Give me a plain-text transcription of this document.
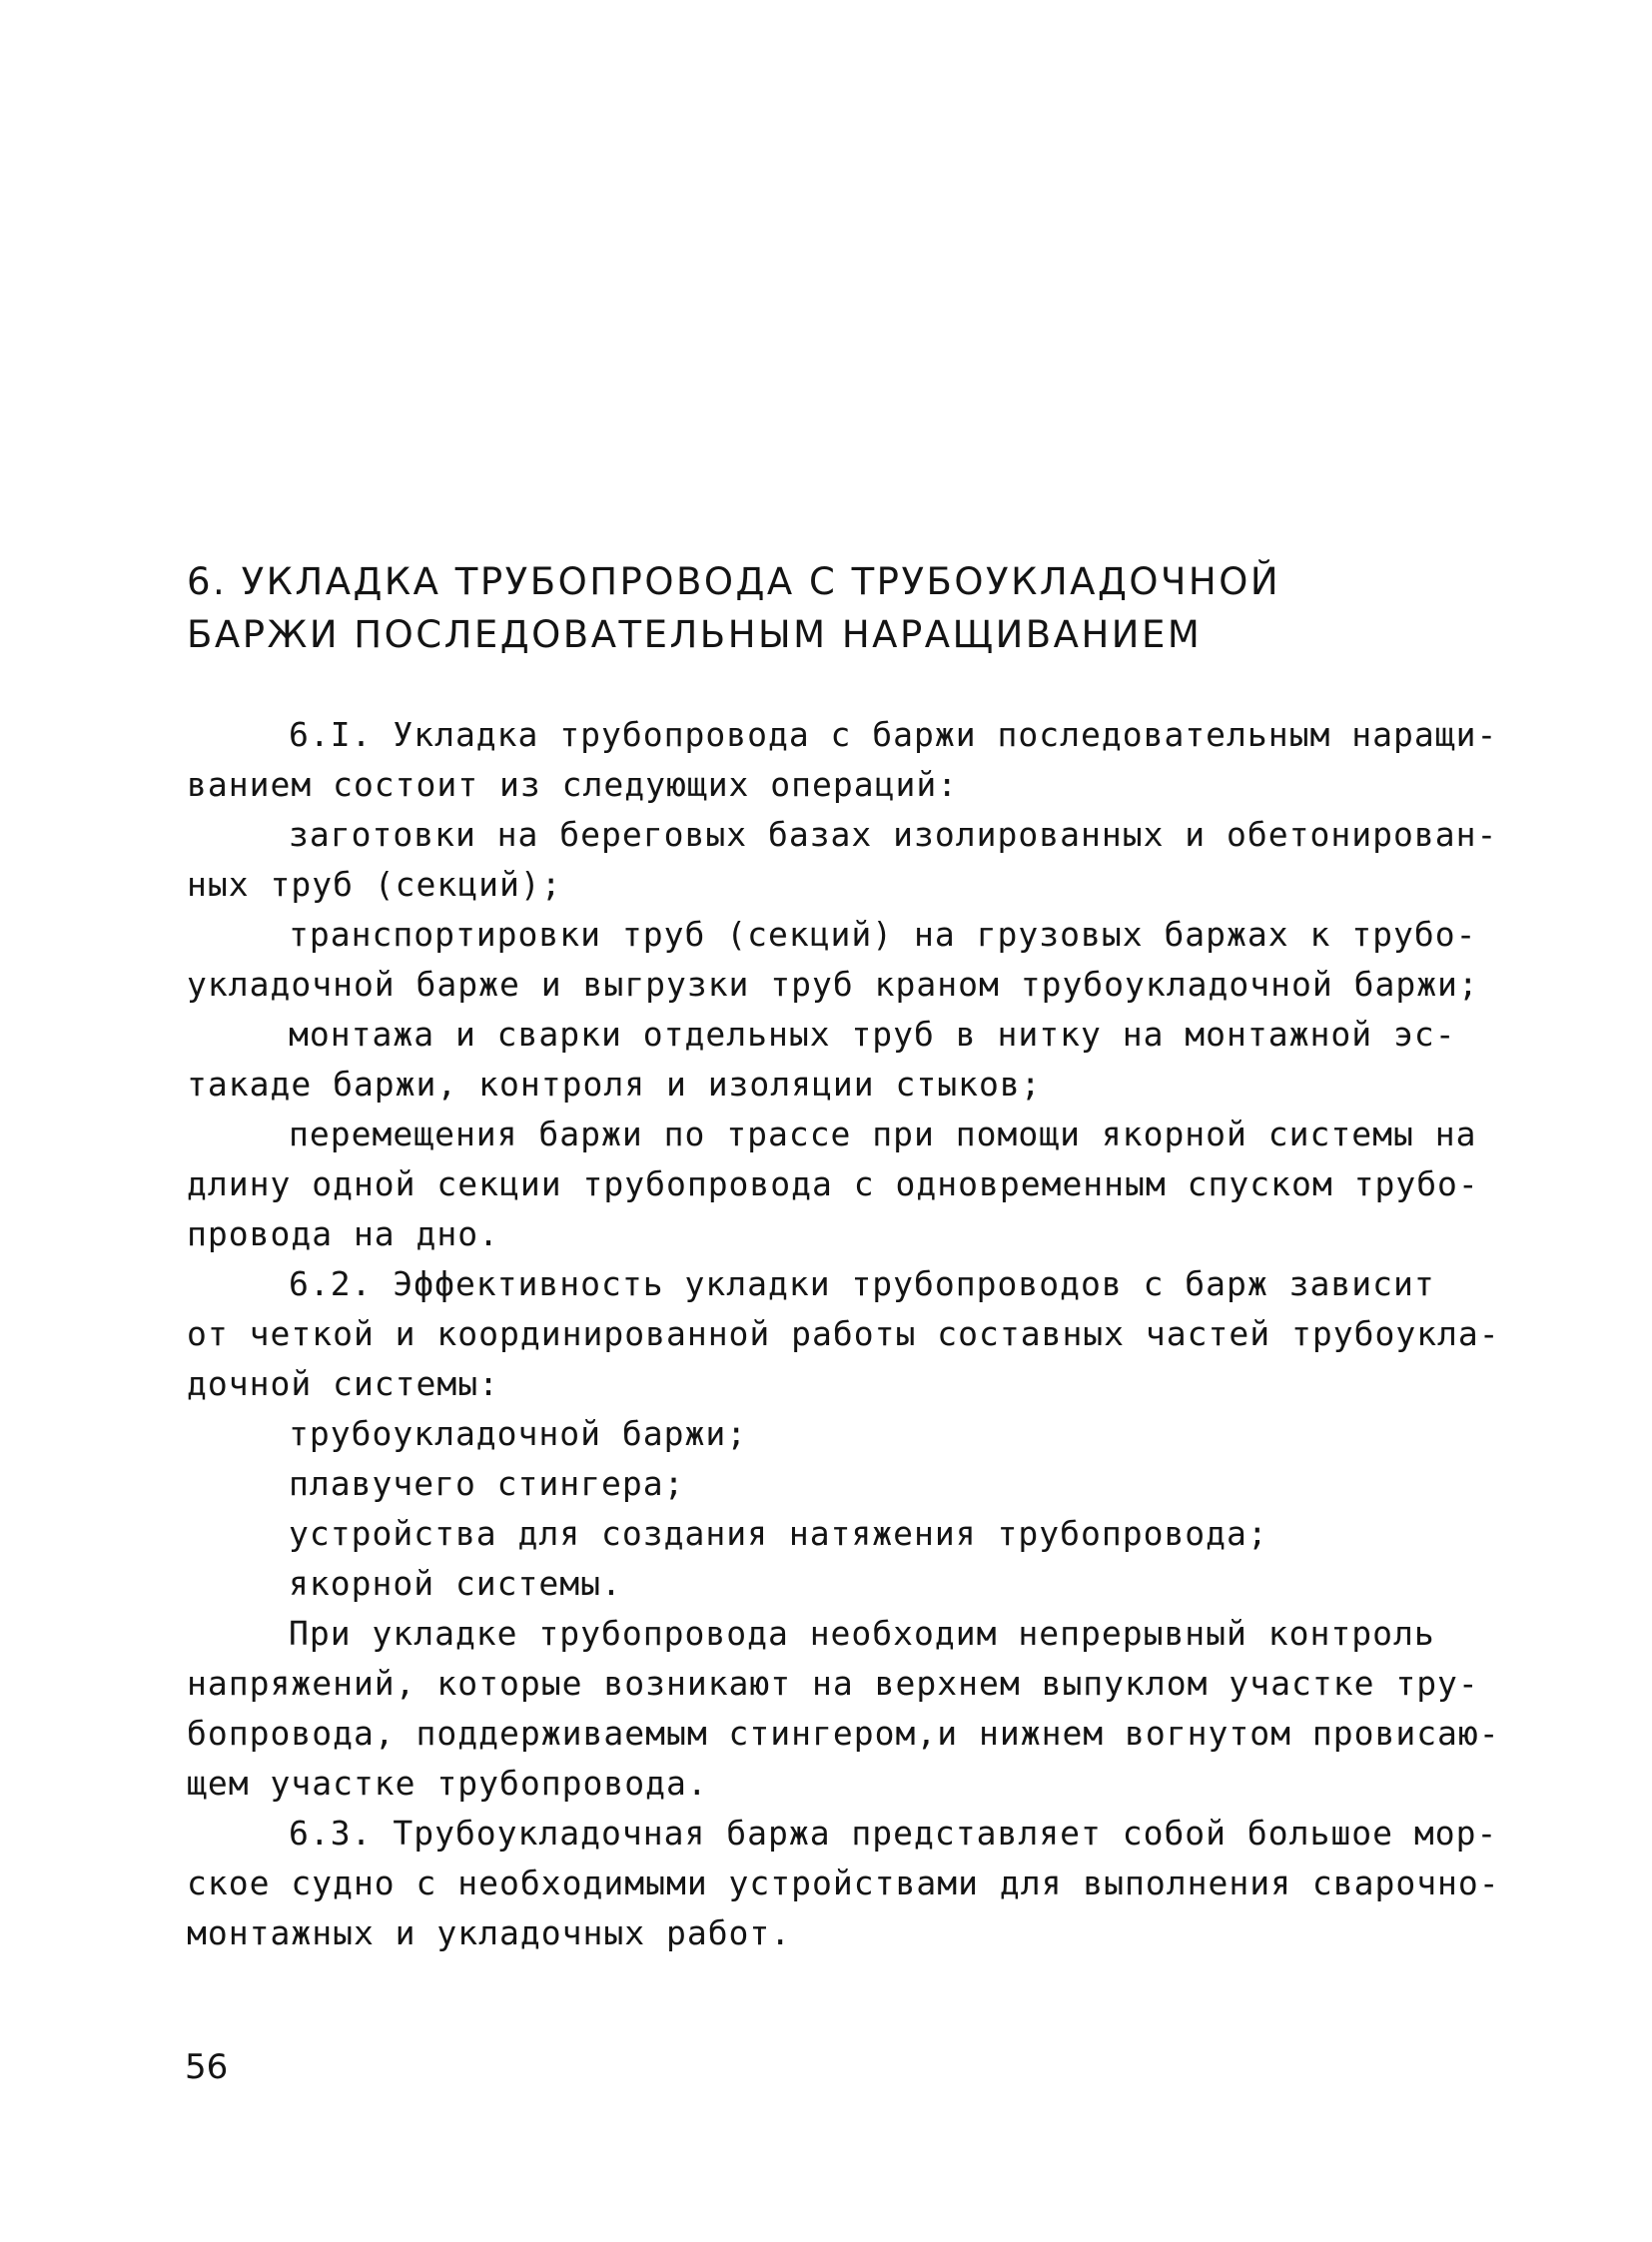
6. УКЛАДКА ТРУБОПРОВОДА С ТРУБОУКЛАДОЧНОЙ
БАРЖИ ПОСЛЕДОВАТЕЛЬНЫМ НАРАЩИВАНИЕМ
6.I. Укладка трубопровода с баржи последовательным наращи-
ванием состоит из следующих операций:
заготовки на береговых базах изолированных и обетонирован-
ных труб (секций);
транспортировки труб (секций) на грузовых баржах к трубо-
укладочной барже и выгрузки труб краном трубоукладочной баржи;
монтажа и сварки отдельных труб в нитку на монтажной эс-
такаде баржи, контроля и изоляции стыков;
перемещения баржи по трассе при помощи якорной системы на
длину одной секции трубопровода с одновременным спуском трубо-
провода на дно.
6.2. Эффективность укладки трубопроводов с барж зависит
от четкой и координированной работы составных частей трубоукла-
дочной системы:
трубоукладочной баржи;
плавучего стингера;
устройства для создания натяжения трубопровода;
якорной системы.
При укладке трубопровода необходим непрерывный контроль
напряжений, которые возникают на верхнем выпуклом участке тру-
бопровода, поддерживаемым стингером,и нижнем вогнутом провисаю-
щем участке трубопровода.
6.3. Трубоукладочная баржа представляет собой большое мор-
ское судно с необходимыми устройствами для выполнения сварочно-
монтажных и укладочных работ.
56
